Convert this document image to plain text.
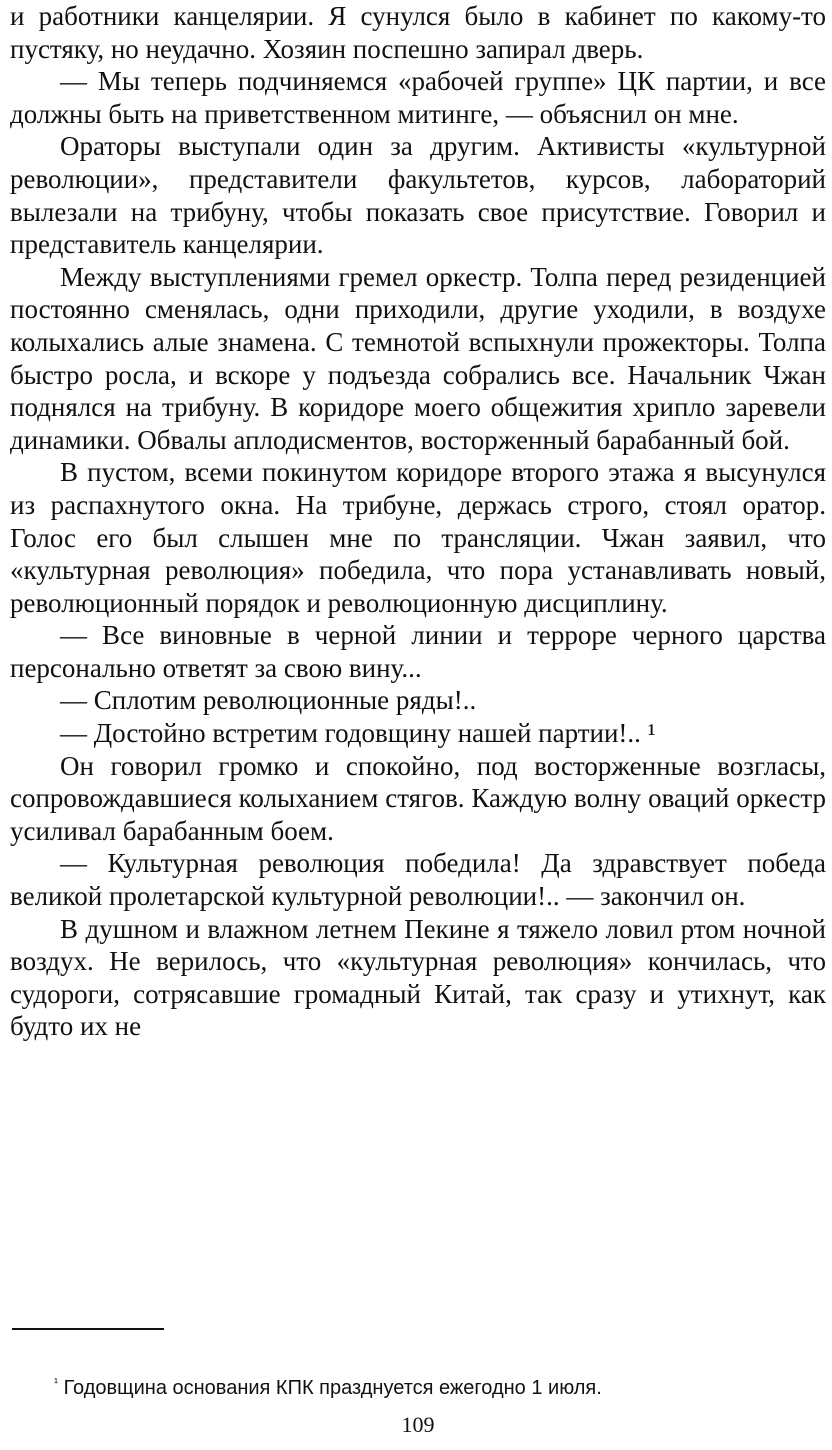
и работники канцелярии. Я сунулся было в кабинет по какому-то пустяку, но неудачно. Хозяин поспешно запирал дверь.

— Мы теперь подчиняемся «рабочей группе» ЦК партии, и все должны быть на приветственном митинге, — объяснил он мне.

Ораторы выступали один за другим. Активисты «культурной революции», представители факультетов, курсов, лабораторий вылезали на трибуну, чтобы показать свое присутствие. Говорил и представитель канцелярии.

Между выступлениями гремел оркестр. Толпа перед резиденцией постоянно сменялась, одни приходили, другие уходили, в воздухе колыхались алые знамена. С темнотой вспыхнули прожекторы. Толпа быстро росла, и вскоре у подъезда собрались все. Начальник Чжан поднялся на трибуну. В коридоре моего общежития хрипло заревели динамики. Обвалы аплодисментов, восторженный барабанный бой.

В пустом, всеми покинутом коридоре второго этажа я высунулся из распахнутого окна. На трибуне, держась строго, стоял оратор. Голос его был слышен мне по трансляции. Чжан заявил, что «культурная революция» победила, что пора устанавливать новый, революционный порядок и революционную дисциплину.

— Все виновные в черной линии и терроре черного царства персонально ответят за свою вину...

— Сплотим революционные ряды!..

— Достойно встретим годовщину нашей партии!.. ¹

Он говорил громко и спокойно, под восторженные возгласы, сопровождавшиеся колыханием стягов. Каждую волну оваций оркестр усиливал барабанным боем.

— Культурная революция победила! Да здравствует победа великой пролетарской культурной революции!.. — закончил он.

В душном и влажном летнем Пекине я тяжело ловил ртом ночной воздух. Не верилось, что «культурная революция» кончилась, что судороги, сотрясавшие громадный Китай, так сразу и утихнут, как будто их не

$^{^1}$ Годовщина основания КПК празднуется ежегодно 1 июля.
109
